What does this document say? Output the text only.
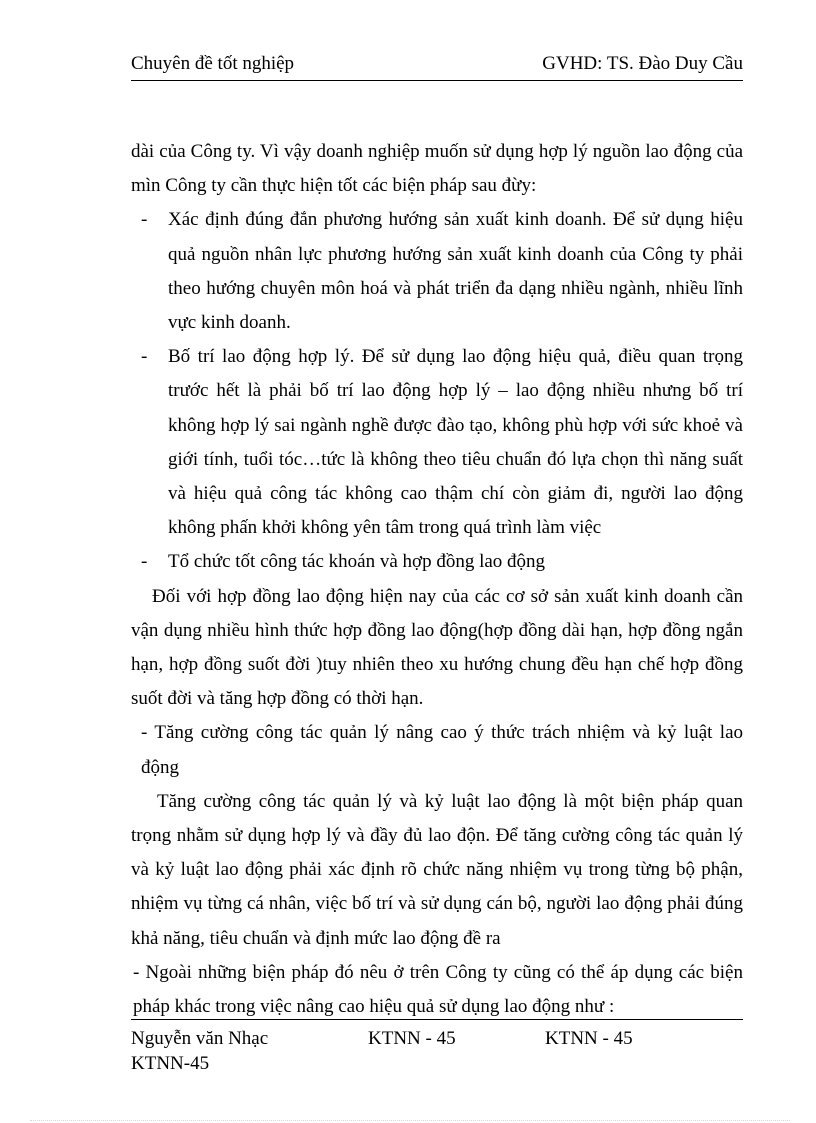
Chuyên đề tốt nghiệp	GVHD: TS. Đào Duy Cầu

dài của Công ty. Vì vậy doanh nghiệp muốn sử dụng hợp lý nguồn lao động của mìn Công ty cần thực hiện tốt các biện pháp sau đừy:

- Xác định đúng đắn phương hướng sản xuất kinh doanh. Để sử dụng hiệu quả nguồn nhân lực phương hướng sản xuất kinh doanh của Công ty phải theo hướng chuyên môn hoá và phát triển đa dạng nhiều ngành, nhiều lĩnh vực kinh doanh.
- Bố trí lao động hợp lý. Để sử dụng lao động hiệu quả, điều quan trọng trước hết là phải bố trí lao động hợp lý – lao động nhiều nhưng bố trí không hợp lý sai ngành nghề được đào tạo, không phù hợp với sức khoẻ và giới tính, tuổi tóc…tức là không theo tiêu chuẩn đó lựa chọn thì năng suất và hiệu quả công tác không cao thậm chí còn giảm đi, người lao động không phấn khởi không yên tâm trong quá trình làm việc
- Tổ chức tốt công tác khoán và hợp đồng lao động

Đối với hợp đồng lao động hiện nay của các cơ sở sản xuất kinh doanh cần vận dụng nhiều hình thức hợp đồng lao động(hợp đồng dài hạn, hợp đồng ngắn hạn, hợp đồng suốt đời )tuy nhiên theo xu hướng chung đều hạn chế hợp đồng suốt đời và tăng hợp đồng có thời hạn.

- Tăng cường công tác quản lý nâng cao ý thức trách nhiệm và kỷ luật lao động

Tăng cường công tác quản lý và kỷ luật lao động là một biện pháp quan trọng nhằm sử dụng hợp lý và đầy đủ lao độn. Để tăng cường công tác quản lý và kỷ luật lao động phải xác định rõ chức năng nhiệm vụ trong từng bộ phận, nhiệm vụ từng cá nhân, việc bố trí và sử dụng cán bộ, người lao động phải đúng khả năng, tiêu chuẩn và định mức lao động đề ra

- Ngoài những biện pháp đó nêu ở trên Công ty cũng có thể áp dụng các biện pháp khác trong việc nâng cao hiệu quả sử dụng lao động như :

Nguyễn văn Nhạc
KTNN-45
KTNN - 45	KTNN - 45
